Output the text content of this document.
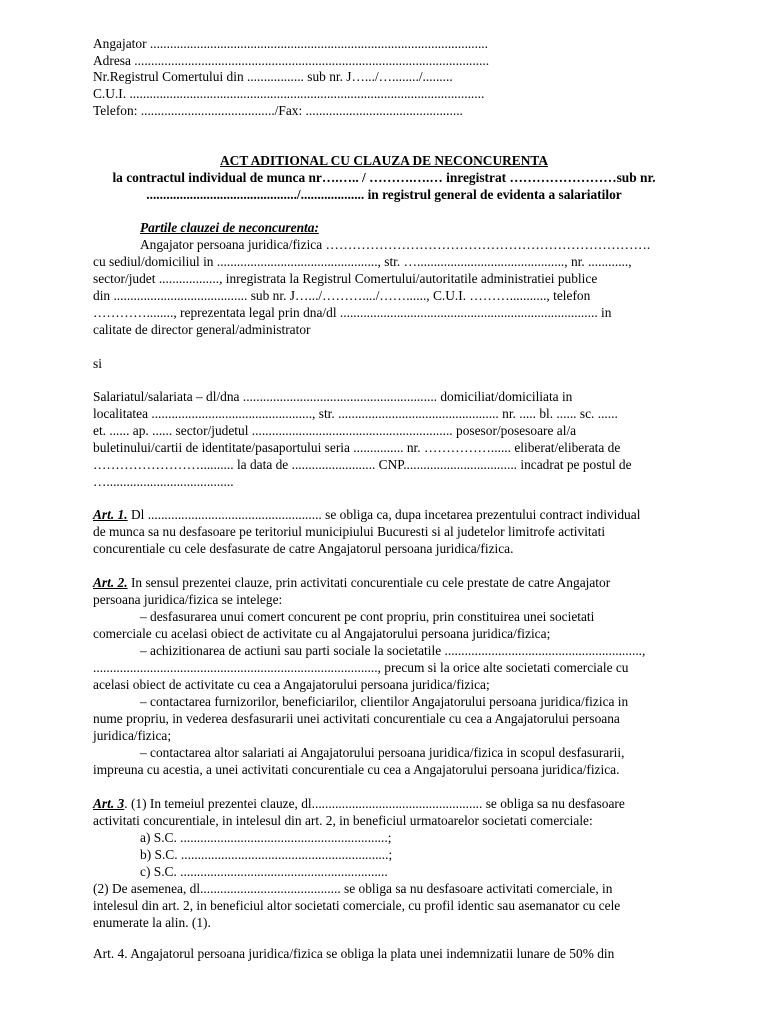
Angajator .....................................................................................................
Adresa ..........................................................................................................
Nr.Registrul Comertului din ................. sub nr. J….../…......../.........
C.U.I. ..........................................................................................................
Telefon: ......................................../Fax: ...............................................
ACT ADITIONAL CU CLAUZA DE NECONCURENTA
la contractul individual de munca nr….….. / ……….….… inregistrat ……………………sub nr.
............................................./................... in registrul general de evidenta a salariatilor
Partile clauzei de neconcurenta:
Angajator persoana juridica/fizica ……………………………………………………………….
cu sediul/domiciliul in ................................................, str. …............................................, nr. ............,
sector/judet .................., inregistrata la Registrul Comertului/autoritatile administratiei publice
din ........................................ sub nr. J….../………..../……......, C.U.I. ………..........., telefon
…………........, reprezentata legal prin dna/dl ............................................................................. in
calitate de director general/administrator
si
Salariatul/salariata – dl/dna .......................................................... domiciliat/domiciliata in
localitatea ................................................, str. ................................................ nr. ..... bl. ...... sc. ......
et. ...... ap. ...... sector/judetul ............................................................ posesor/posesoare al/a
buletinului/cartii de identitate/pasaportului seria ............... nr. ……………...... eliberat/eliberata de
…………………….......... la data de ......................... CNP.................................. incadrat pe postul de
…......................................
Art. 1. Dl .................................................... se obliga ca, dupa incetarea prezentului contract individual
de munca sa nu desfasoare pe teritoriul municipiului Bucuresti si al judetelor limitrofe activitati
concurentiale cu cele desfasurate de catre Angajatorul persoana juridica/fizica.
Art. 2. In sensul prezentei clauze, prin activitati concurentiale cu cele prestate de catre Angajator
persoana juridica/fizica se intelege:
– desfasurarea unui comert concurent pe cont propriu, prin constituirea unei societati
comerciale cu acelasi obiect de activitate cu al Angajatorului persoana juridica/fizica;
– achizitionarea de actiuni sau parti sociale la societatile ...........................................................,
....................................................................................., precum si la orice alte societati comerciale cu
acelasi obiect de activitate cu cea a Angajatorului persoana juridica/fizica;
– contactarea furnizorilor, beneficiarilor, clientilor Angajatorului persoana juridica/fizica in
nume propriu, in vederea desfasurarii unei activitati concurentiale cu cea a Angajatorului persoana
juridica/fizica;
– contactarea altor salariati ai Angajatorului persoana juridica/fizica in scopul desfasurarii,
impreuna cu acestia, a unei activitati concurentiale cu cea a Angajatorului persoana juridica/fizica.
Art. 3. (1) In temeiul prezentei clauze, dl................................................... se obliga sa nu desfasoare
activitati concurentiale, in intelesul din art. 2, in beneficiul urmatoarelor societati comerciale:
a) S.C. ..............................................................;
b) S.C. ..............................................................;
c) S.C. ..............................................................
(2) De asemenea, dl.......................................... se obliga sa nu desfasoare activitati comerciale, in
intelesul din art. 2, in beneficiul altor societati comerciale, cu profil identic sau asemanator cu cele
enumerate la alin. (1).
Art. 4. Angajatorul persoana juridica/fizica se obliga la plata unei indemnizatii lunare de 50% din
